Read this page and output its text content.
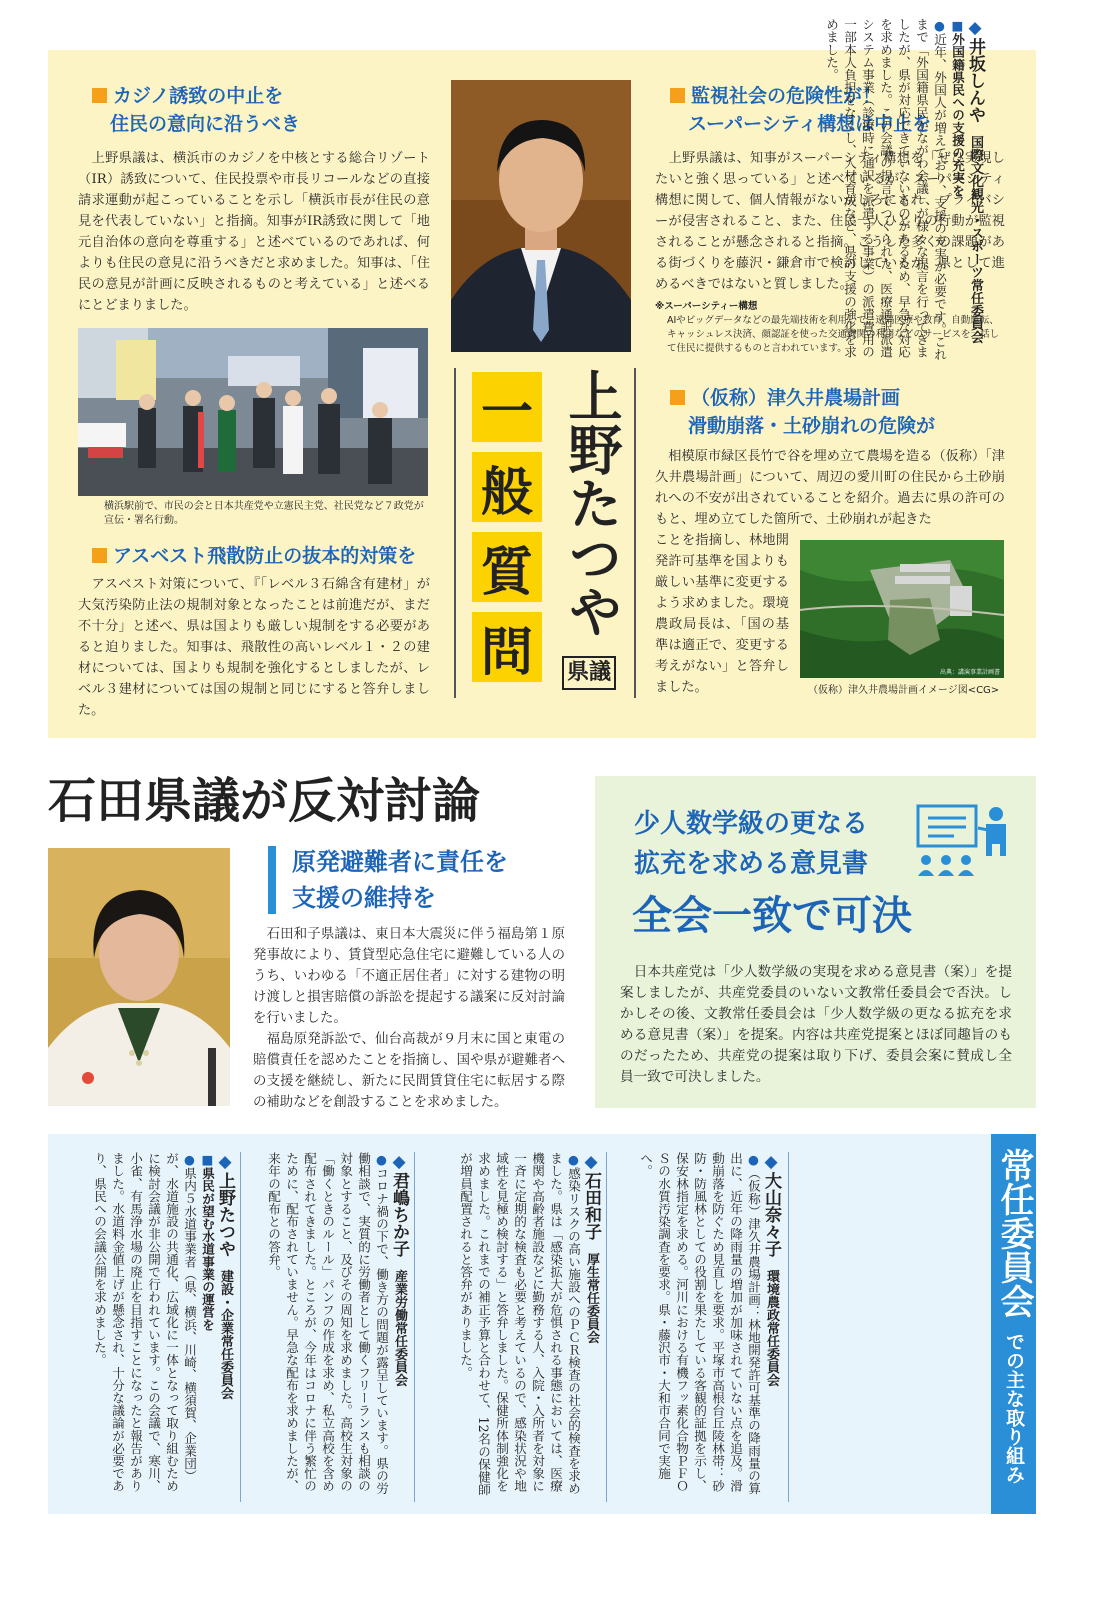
カジノ誘致の中止を
住民の意向に沿うべき
　上野県議は、横浜市のカジノを中核とする総合リゾート（IR）誘致について、住民投票や市長リコールなどの直接請求運動が起こっていることを示し「横浜市長が住民の意見を代表していない」と指摘。知事がIR誘致に関して「地元自治体の意向を尊重する」と述べているのであれば、何よりも住民の意見に沿うべきだと求めました。知事は、「住民の意見が計画に反映されるものと考えている」と述べるにとどまりました。
横浜駅前で、市民の会と日本共産党や立憲民主党、社民党など７政党が宣伝・署名行動。
アスベスト飛散防止の抜本的対策を
　アスベスト対策について、『「レベル３石綿含有建材」が大気汚染防止法の規制対象となったことは前進だが、まだ不十分」と述べ、県は国よりも厳しい規制をする必要があると迫りました。知事は、飛散性の高いレベル１・２の建材については、国よりも規制を強化するとしましたが、レベル３建材については国の規制と同じにすると答弁しました。
一
般
質
問
上野たつや
県議
監視社会の危険性が！
スーパーシティ構想は中止を
　上野県議は、知事がスーパーシティ構想を「ぜひ実現したいと強く思っている」と述べているが、スーパーシティ構想に関して、個人情報がないがしろにされ、プライバシーが侵害されること、また、住民一人ひとりの行動が監視されることが懸念されると指摘。こうした多くの課題がある街づくりを藤沢・鎌倉市で検討しているが、県として進めるべきではないと質しました。
※スーパーシティー構想
AIやビッグデータなどの最先端技術を利用して、遠隔医療や教育、自動運転、キャッシュレス決済、顔認証を使った交通機関の利用などのサービスを一括して住民に提供するものと言われています。
（仮称）津久井農場計画
滑動崩落・土砂崩れの危険が
　相模原市緑区長竹で谷を埋め立て農場を造る（仮称）「津久井農場計画」について、周辺の愛川町の住民から土砂崩れへの不安が出されていることを紹介。過去に県の許可のもと、埋め立てした箇所で、土砂崩れが起きた
ことを指摘し、林地開発許可基準を国よりも厳しい基準に変更するよう求めました。環境農政局長は、「国の基準は適正で、変更する考えがない」と答弁しました。
出典：講演事業計画書
（仮称）津久井農場計画イメージ図<CG>
石田県議が反対討論
原発避難者に責任を
支援の維持を
　石田和子県議は、東日本大震災に伴う福島第１原発事故により、賃貸型応急住宅に避難している人のうち、いわゆる「不適正居住者」に対する建物の明け渡しと損害賠償の訴訟を提起する議案に反対討論を行いました。
　福島原発訴訟で、仙台高裁が９月末に国と東電の賠償責任を認めたことを指摘し、国や県が避難者への支援を継続し、新たに民間賃貸住宅に転居する際の補助などを創設することを求めました。
少人数学級の更なる
拡充を求める意見書
全会一致で可決
　日本共産党は「少人数学級の実現を求める意見書（案）」を提案しましたが、共産党委員のいない文教常任委員会で否決。しかしその後、文教常任委員会は「少人数学級の更なる拡充を求める意見書（案）」を提案。内容は共産党提案とほぼ同趣旨のものだったため、共産党の提案は取り下げ、委員会案に賛成し全員一致で可決しました。
常任委員会
での主な取り組み
◆井坂しんや　国際文化観光・スポーツ常任委員会
■外国籍県民への支援の充実を
●近年、外国人が増えており、支援の充実が必要です。これまで「外国籍県民かながわ会議」が様々な提言を行ってきましたが、県が対応できていないものがあるため、早急な対応を求めました。この会議の提言でつくられた、医療通訳派遣システム事業（診療時に通訳を派遣する事業）の派遣費用の一部本人負担をなくし、人材育成など、県の支援の強化を求めました。
◆大山奈々子　環境農政常任委員会
●（仮称）津久井農場計画：林地開発許可基準の降雨量の算出に、近年の降雨量の増加が加味されていない点を追及。滑動崩落を防ぐため見直しを要求。平塚市高根台丘陵林帯：砂防・防風林としての役割を果たしている客観的証拠を示し、保安林指定を求める。河川における有機フッ素化合物ＰＦＯＳの水質汚染調査を要求。県・藤沢市・大和市合同で実施へ。
◆石田和子　厚生常任委員会
●感染リスクの高い施設へのＰＣＲ検査の社会的検査を求めました。県は「感染拡大が危惧される事態においては、医療機関や高齢者施設などに勤務する人、入院・入所者を対象に一斉に定期的な検査も必要と考えているので、感染状況や地域性を見極め検討する」と答弁しました。保健所体制強化を求めました。これまでの補正予算と合わせて、12名の保健師が増員配置されると答弁がありました。
◆君嶋ちか子　産業労働常任委員会
●コロナ禍の下で、働き方の問題が露呈しています。県の労働相談で、実質的に労働者として働くフリーランスも相談の対象とすること、及びその周知を求めました。高校生対象の「働くときのルール」パンフの作成を求め、私立高校を含め配布されてきました。ところが、今年はコロナに伴う繁忙のために、配布されていません。早急な配布を求めましたが、来年の配布との答弁。
◆上野たつや　建設・企業常任委員会
■県民が望む水道事業の運営を
●県内５水道事業者（県、横浜、川崎、横須賀、企業団）が、水道施設の共通化、広域化に一体となって取り組むために検討会議が非公開で行われています。この会議で、寒川、小雀、有馬浄水場の廃止を目指すことになったと報告がありました。水道料金値上げが懸念され、十分な議論が必要であり、県民への会議公開を求めました。
